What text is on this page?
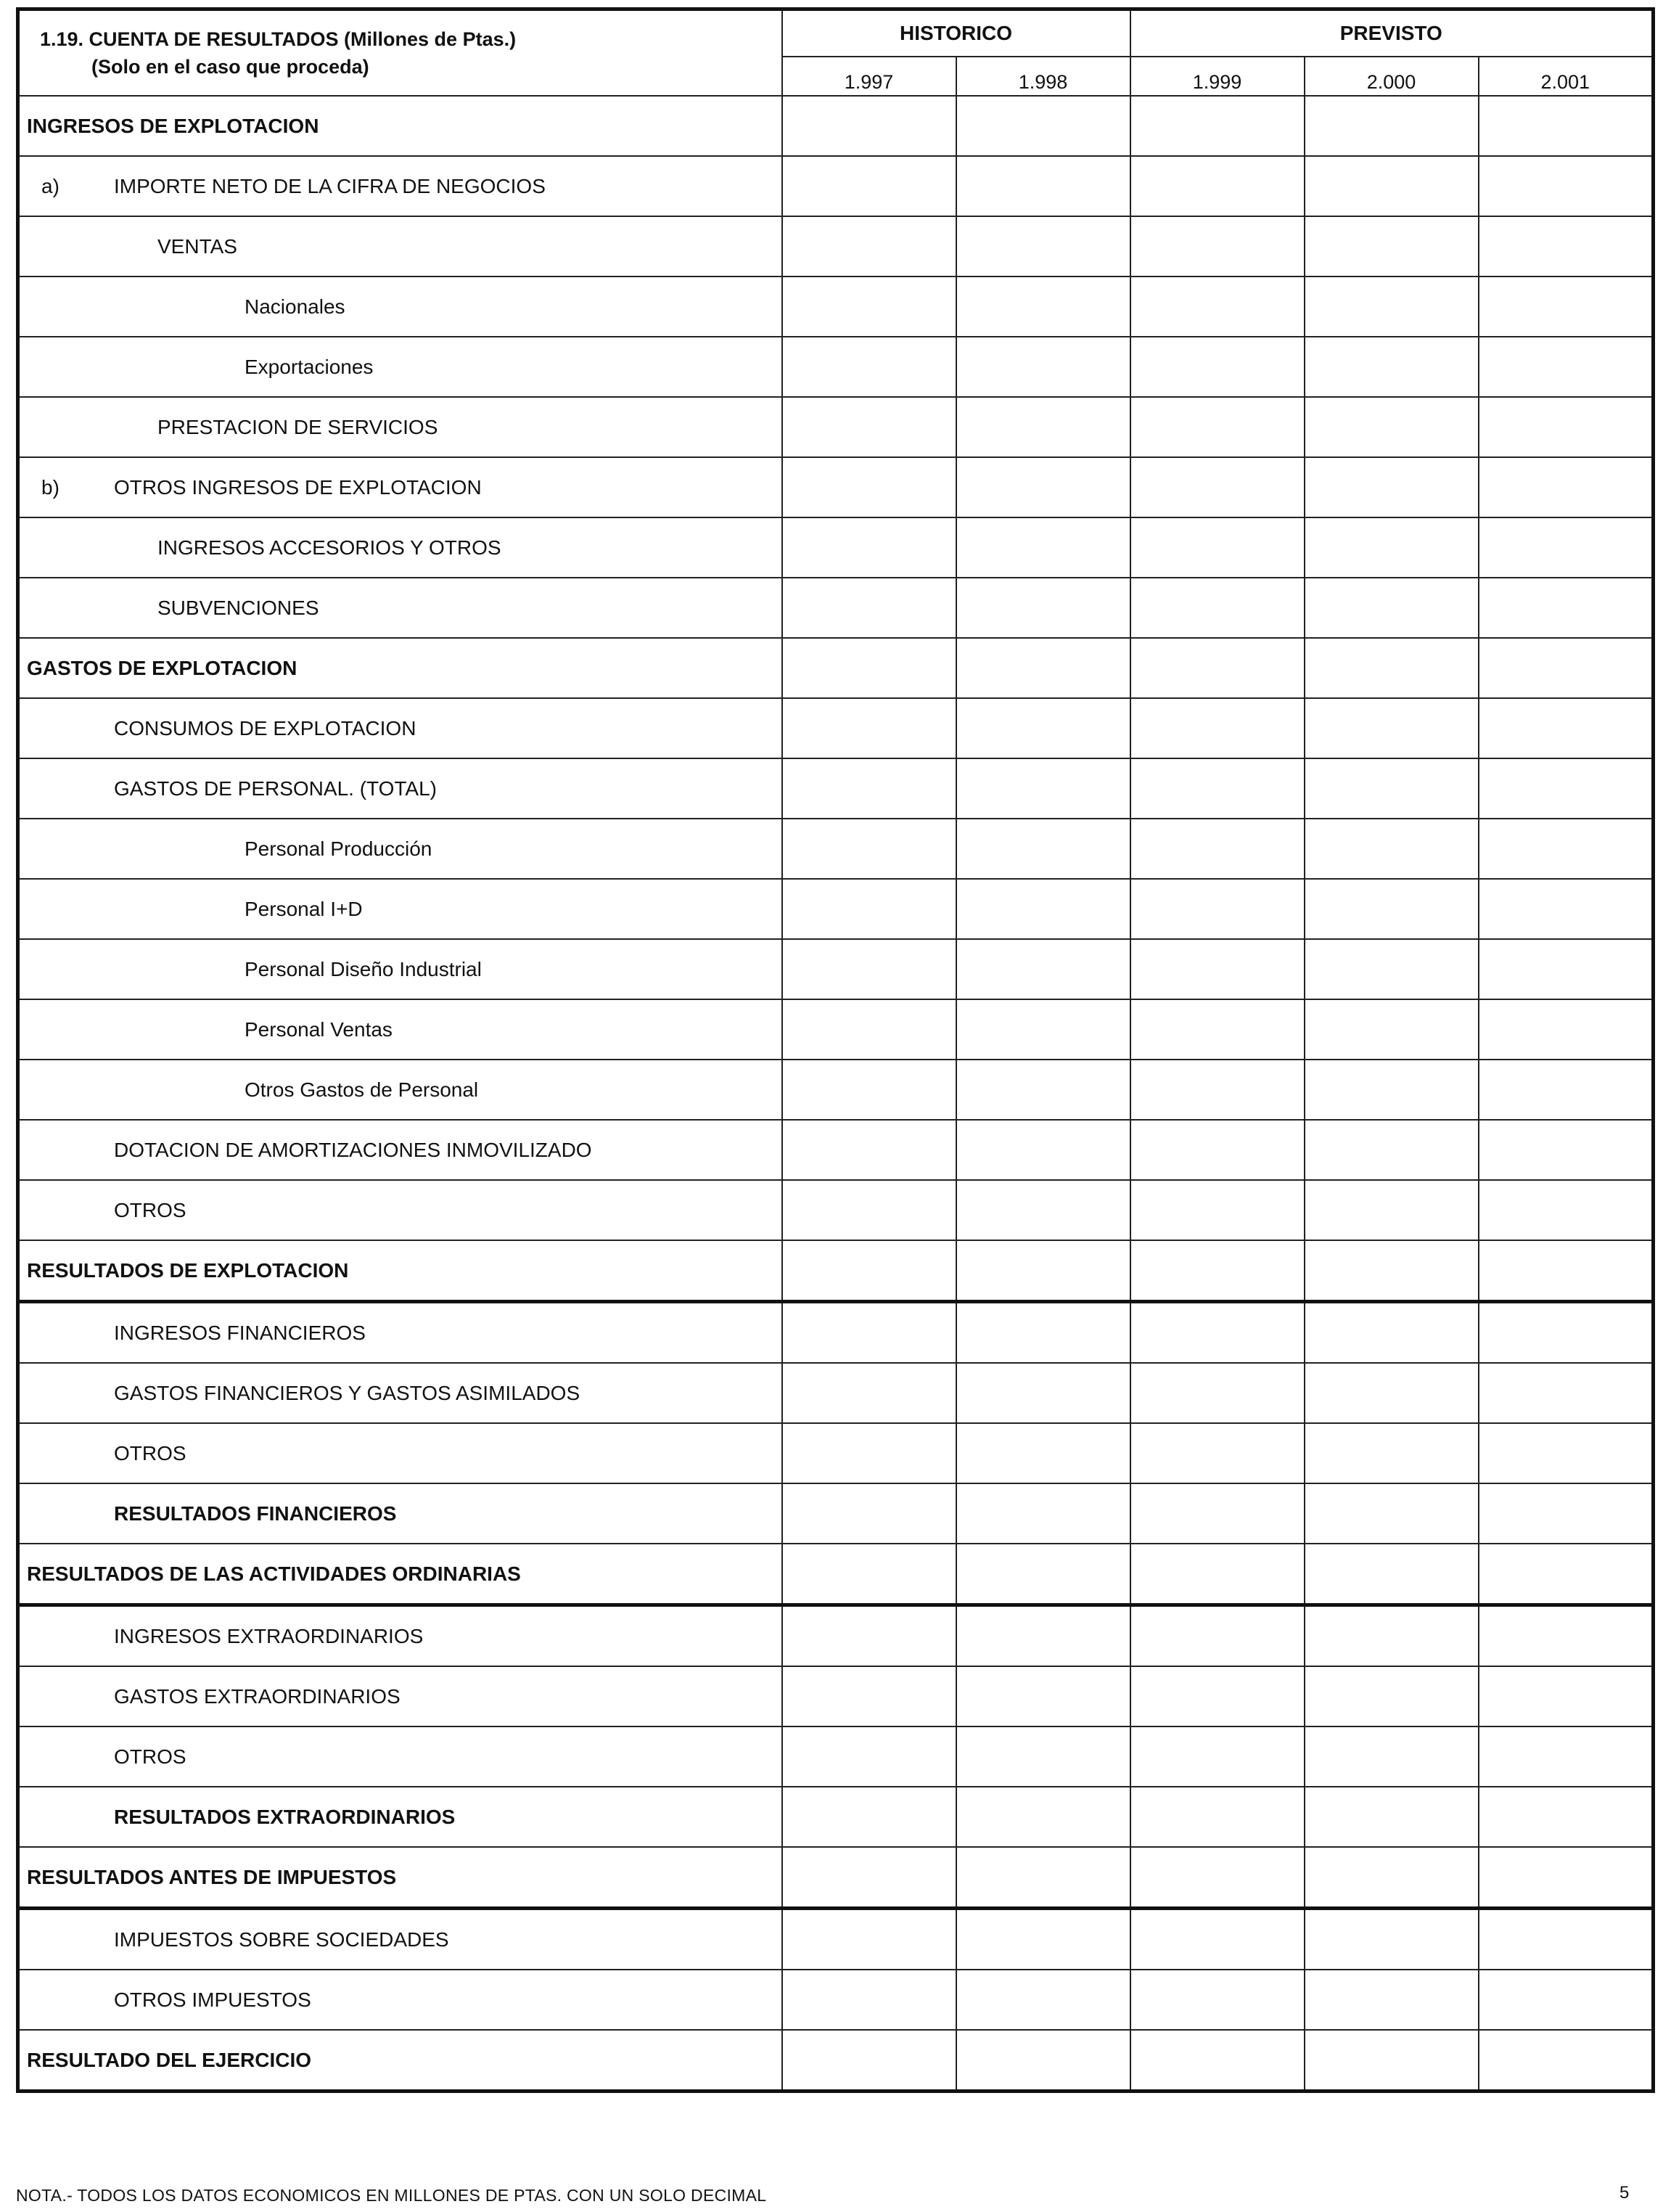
1.19. CUENTA DE RESULTADOS (Millones de Ptas.)
(Solo en el caso que proceda)	HISTORICO		PREVISTO		
	1.997	1.998	1.999	2.000	2.001
INGRESOS DE EXPLOTACION					
a) IMPORTE NETO DE LA CIFRA DE NEGOCIOS					
VENTAS					
Nacionales					
Exportaciones					
PRESTACION DE SERVICIOS					
b) OTROS INGRESOS DE EXPLOTACION					
INGRESOS ACCESORIOS Y OTROS					
SUBVENCIONES					
GASTOS DE EXPLOTACION					
CONSUMOS DE EXPLOTACION					
GASTOS DE PERSONAL. (TOTAL)					
Personal Producción					
Personal I+D					
Personal Diseño Industrial					
Personal Ventas					
Otros Gastos de Personal					
DOTACION DE AMORTIZACIONES INMOVILIZADO					
OTROS					
RESULTADOS DE EXPLOTACION					
INGRESOS FINANCIEROS					
GASTOS FINANCIEROS Y GASTOS ASIMILADOS					
OTROS					
RESULTADOS FINANCIEROS					
RESULTADOS DE LAS ACTIVIDADES ORDINARIAS					
INGRESOS EXTRAORDINARIOS					
GASTOS EXTRAORDINARIOS					
OTROS					
RESULTADOS EXTRAORDINARIOS					
RESULTADOS ANTES DE IMPUESTOS					
IMPUESTOS SOBRE SOCIEDADES					
OTROS IMPUESTOS					
RESULTADO DEL EJERCICIO					
NOTA.- TODOS LOS DATOS ECONOMICOS EN MILLONES DE PTAS. CON UN SOLO DECIMAL	5
